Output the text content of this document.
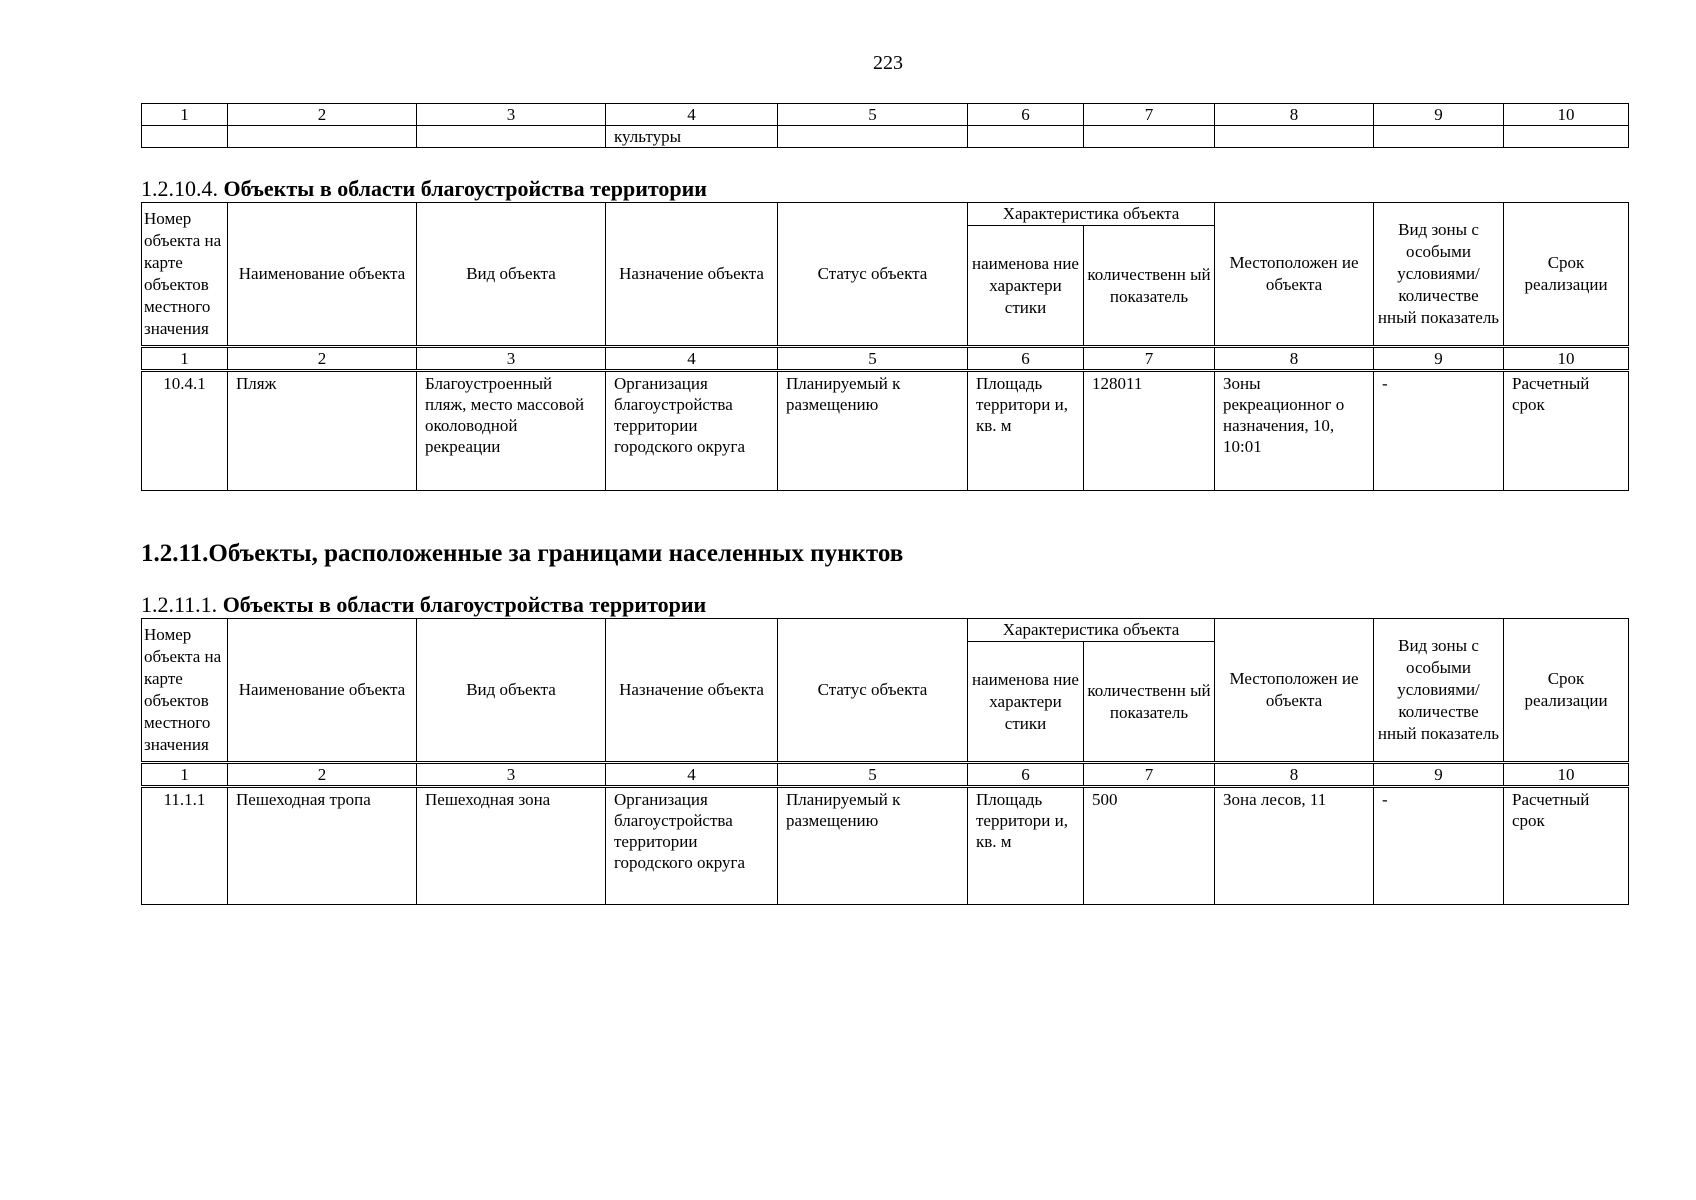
223
1	2	3	4	5	6	7	8	9	10
			культуры						
1.2.10.4. Объекты в области благоустройства территории
Номер объекта на карте объектов местного значения	Наименование объекта	Вид объекта	Назначение объекта	Статус объекта	Характеристика объекта		Местоположен ие объекта	Вид зоны с особыми условиями/ количестве нный показатель	Срок реализации
					наименова ние характери стики	количественн ый показатель			
1	2	3	4	5	6	7	8	9	10
10.4.1	Пляж	Благоустроенный пляж, место массовой околоводной рекреации	Организация благоустройства территории городского округа	Планируемый к размещению	Площадь территори и, кв. м	128011	Зоны рекреационног о назначения, 10, 10:01	-	Расчетный срок
1.2.11.Объекты, расположенные за границами населенных пунктов
1.2.11.1. Объекты в области благоустройства территории
Номер объекта на карте объектов местного значения	Наименование объекта	Вид объекта	Назначение объекта	Статус объекта	Характеристика объекта		Местоположен ие объекта	Вид зоны с особыми условиями/ количестве нный показатель	Срок реализации
					наименова ние характери стики	количественн ый показатель			
1	2	3	4	5	6	7	8	9	10
11.1.1	Пешеходная тропа	Пешеходная зона	Организация благоустройства территории городского округа	Планируемый к размещению	Площадь территори и, кв. м	500	Зона лесов, 11	-	Расчетный срок
